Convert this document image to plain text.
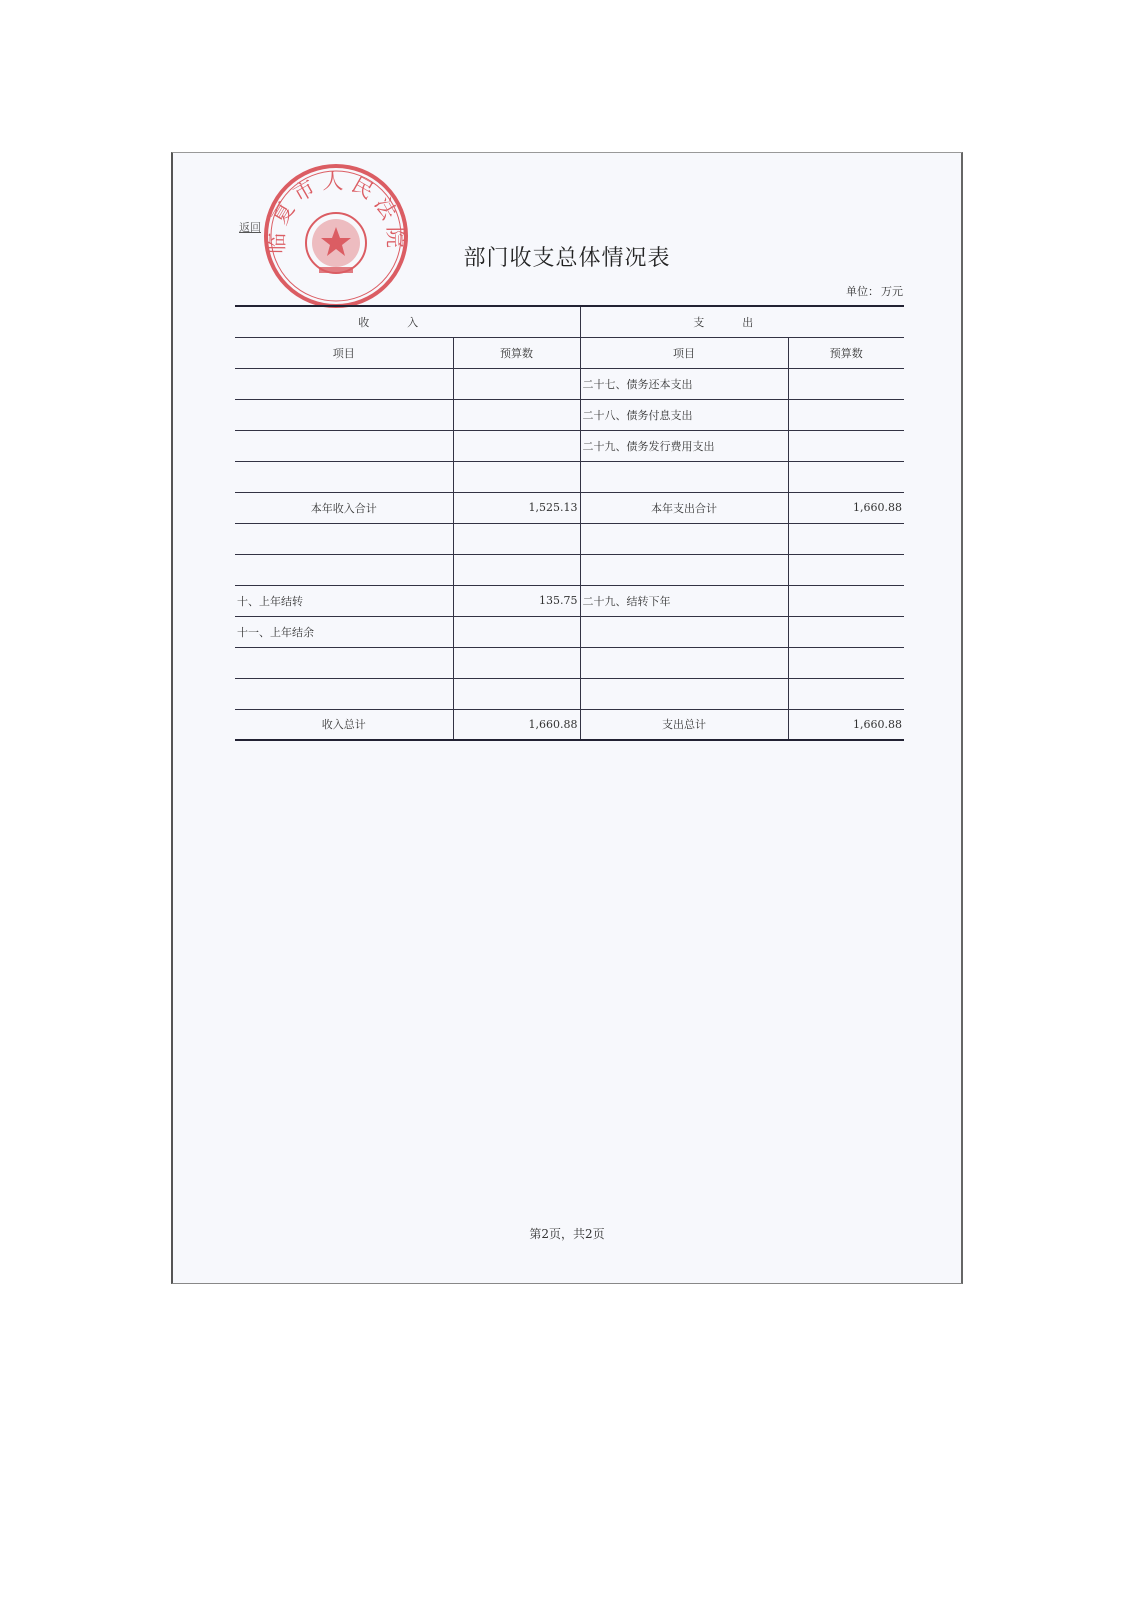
临夏市人民法院
返回
部门收支总体情况表
单位： 万元
收入		支出	
项目	预算数	项目	预算数
		二十七、债务还本支出	
		二十八、债务付息支出	
		二十九、债务发行费用支出	

本年收入合计	1,525.13	本年支出合计	1,660.88

十、上年结转	135.75	二十九、结转下年	
十一、上年结余			

收入总计	1,660.88	支出总计	1,660.88
第2页，共2页
